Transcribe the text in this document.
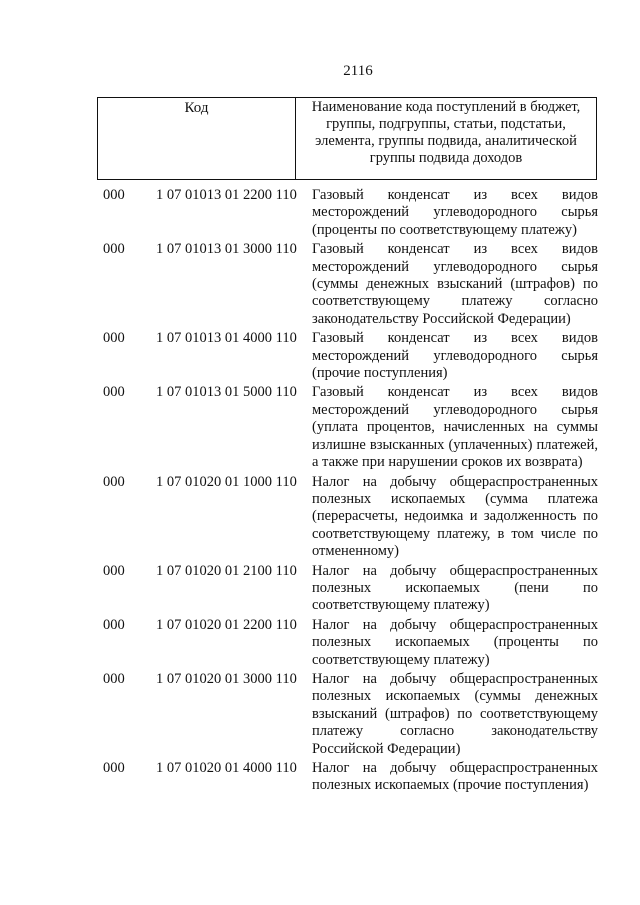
2116
Код	Наименование кода поступлений в бюджет, группы, подгруппы, статьи, подстатьи, элемента, группы подвида, аналитической группы подвида доходов
000	1 07 01013 01 2200 110	Газовый конденсат из всех видов месторождений углеводородного сырья (проценты по соответствующему платежу)
000	1 07 01013 01 3000 110	Газовый конденсат из всех видов месторождений углеводородного сырья (суммы денежных взысканий (штрафов) по соответствующему платежу согласно законодательству Российской Федерации)
000	1 07 01013 01 4000 110	Газовый конденсат из всех видов месторождений углеводородного сырья (прочие поступления)
000	1 07 01013 01 5000 110	Газовый конденсат из всех видов месторождений углеводородного сырья (уплата процентов, начисленных на суммы излишне взысканных (уплаченных) платежей, а также при нарушении сроков их возврата)
000	1 07 01020 01 1000 110	Налог на добычу общераспространенных полезных ископаемых (сумма платежа (перерасчеты, недоимка и задолженность по соответствующему платежу, в том числе по отмененному)
000	1 07 01020 01 2100 110	Налог на добычу общераспространенных полезных ископаемых (пени по соответствующему платежу)
000	1 07 01020 01 2200 110	Налог на добычу общераспространенных полезных ископаемых (проценты по соответствующему платежу)
000	1 07 01020 01 3000 110	Налог на добычу общераспространенных полезных ископаемых (суммы денежных взысканий (штрафов) по соответствующему платежу согласно законодательству Российской Федерации)
000	1 07 01020 01 4000 110	Налог на добычу общераспространенных полезных ископаемых (прочие поступления)
